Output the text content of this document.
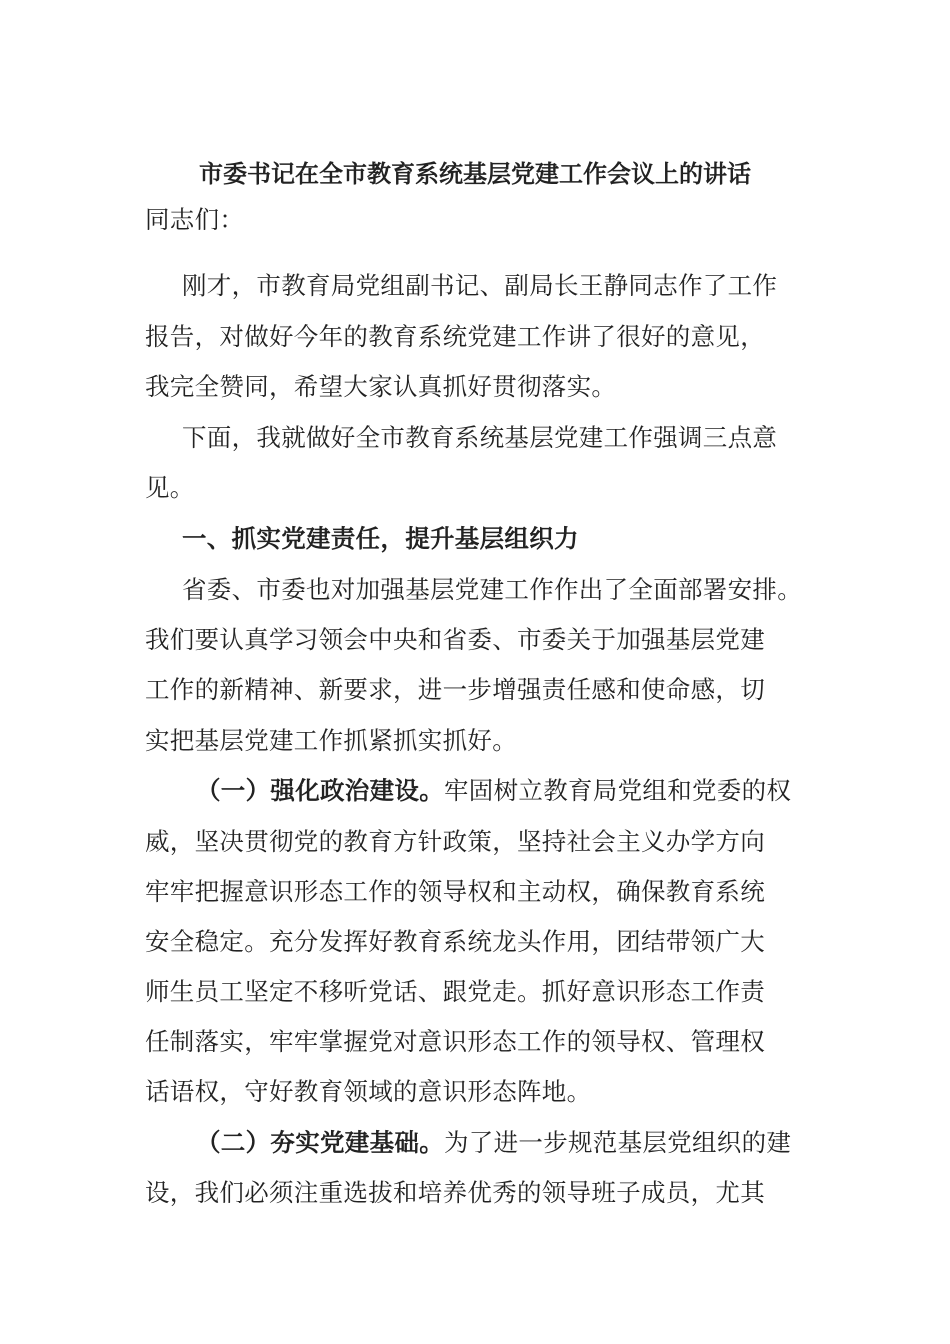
市委书记在全市教育系统基层党建工作会议上的讲话
同志们：
刚才，市教育局党组副书记、副局长王静同志作了工作
报告，对做好今年的教育系统党建工作讲了很好的意见，
我完全赞同，希望大家认真抓好贯彻落实。
下面，我就做好全市教育系统基层党建工作强调三点意
见。
一、抓实党建责任，提升基层组织力
省委、市委也对加强基层党建工作作出了全面部署安排。
我们要认真学习领会中央和省委、市委关于加强基层党建
工作的新精神、新要求，进一步增强责任感和使命感，切
实把基层党建工作抓紧抓实抓好。
（一）强化政治建设。牢固树立教育局党组和党委的权
威，坚决贯彻党的教育方针政策，坚持社会主义办学方向
牢牢把握意识形态工作的领导权和主动权，确保教育系统
安全稳定。充分发挥好教育系统龙头作用，团结带领广大
师生员工坚定不移听党话、跟党走。抓好意识形态工作责
任制落实，牢牢掌握党对意识形态工作的领导权、管理权
话语权，守好教育领域的意识形态阵地。
（二）夯实党建基础。为了进一步规范基层党组织的建
设，我们必须注重选拔和培养优秀的领导班子成员，尤其
